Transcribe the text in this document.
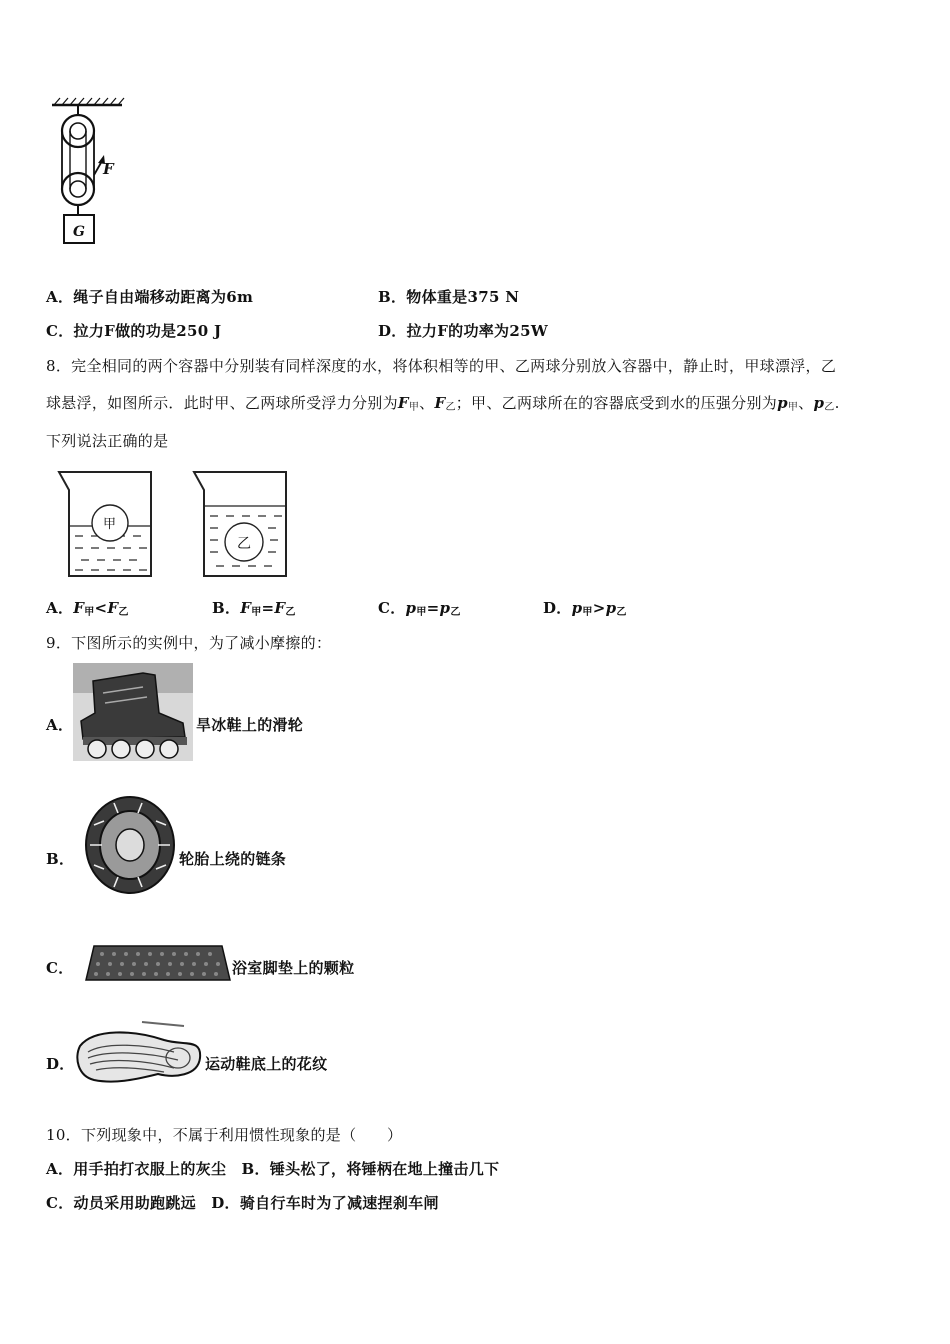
F
G
A．绳子自由端移动距离为6m	B．物体重是375 N
C．拉力F做的功是250 J	D．拉力F的功率为25W
8．完全相同的两个容器中分别装有同样深度的水，将体积相等的甲、乙两球分别放入容器中，静止时，甲球漂浮，乙
球悬浮，如图所示．此时甲、乙两球所受浮力分别为F甲、F乙；甲、乙两球所在的容器底受到水的压强分别为p甲、p乙.
下列说法正确的是
甲
乙
A．F甲<F乙	B．F甲=F乙	C．p甲=p乙	D．p甲>p乙
9．下图所示的实例中，为了减小摩擦的：
A．	旱冰鞋上的滑轮
B．	轮胎上绕的链条
C．	浴室脚垫上的颗粒
D．	运动鞋底上的花纹
10．下列现象中，不属于利用惯性现象的是（　　）
A．用手拍打衣服上的灰尘　B．锤头松了，将锤柄在地上撞击几下
C．动员采用助跑跳远　D．骑自行车时为了减速捏刹车闸
